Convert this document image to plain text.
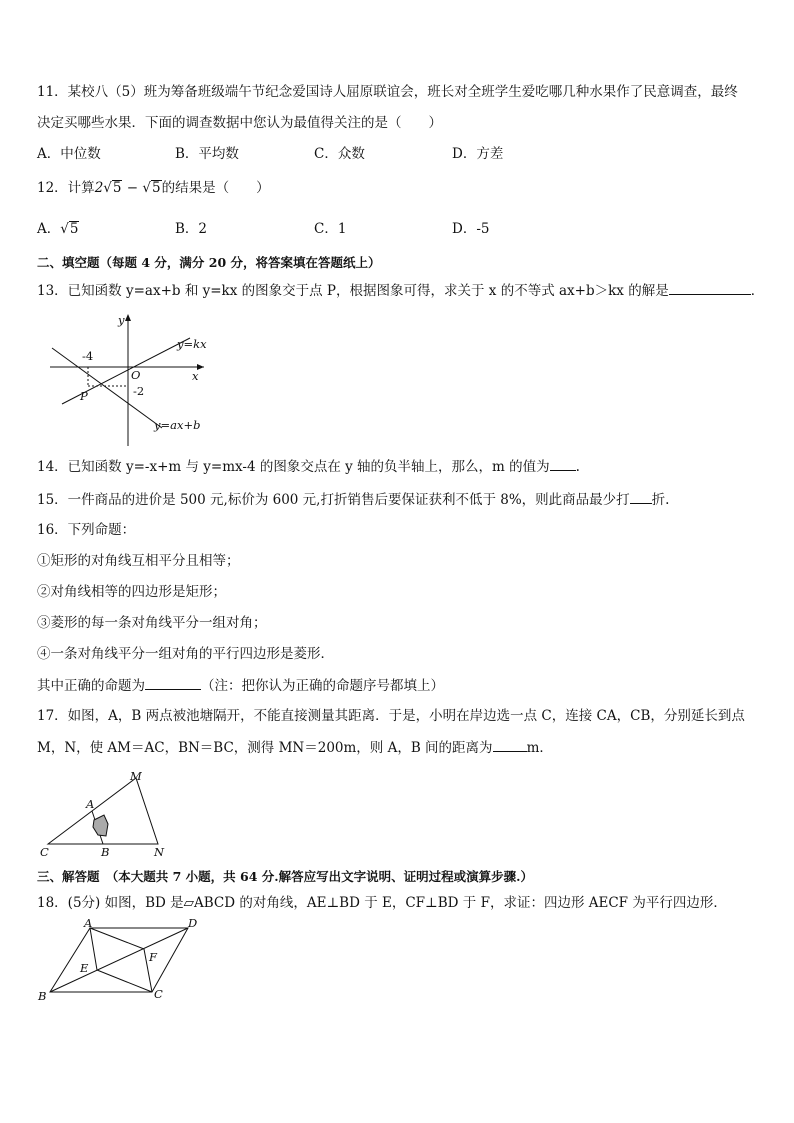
11．某校八（5）班为筹备班级端午节纪念爱国诗人屈原联谊会，班长对全班学生爱吃哪几种水果作了民意调查，最终
决定买哪些水果．下面的调查数据中您认为最值得关注的是（　　）
A．中位数	B．平均数	C．众数	D．方差
12．计算2√5 − √5的结果是（　　）
A．√5	B．2	C．1	D．-5
二、填空题（每题 4 分，满分 20 分，将答案填在答题纸上）
13．已知函数 y=ax+b 和 y=kx 的图象交于点 P，根据图象可得，求关于 x 的不等式 ax+b＞kx 的解是	．
y
x
O
-4
-2
P
y=kx
y=ax+b
14．已知函数 y=-x+m 与 y=mx-4 的图象交点在 y 轴的负半轴上，那么，m 的值为 .
15．一件商品的进价是 500 元,标价为 600 元,打折销售后要保证获利不低于 8%，则此商品最少打 折.
16．下列命题：
①矩形的对角线互相平分且相等；
②对角线相等的四边形是矩形；
③菱形的每一条对角线平分一组对角；
④一条对角线平分一组对角的平行四边形是菱形．
其中正确的命题为	（注：把你认为正确的命题序号都填上）
17．如图，A，B 两点被池塘隔开，不能直接测量其距离．于是，小明在岸边选一点 C，连接 CA，CB，分别延长到点
M，N，使 AM＝AC，BN＝BC，测得 MN＝200m，则 A，B 间的距离为	m．
M
A
C	B	N
三、解答题　（本大题共 7 小题，共 64 分.解答应写出文字说明、证明过程或演算步骤.）
18．(5分) 如图，BD 是▱ABCD 的对角线，AE⊥BD 于 E，CF⊥BD 于 F，求证：四边形 AECF 为平行四边形．
A	D
E
F
B	C
